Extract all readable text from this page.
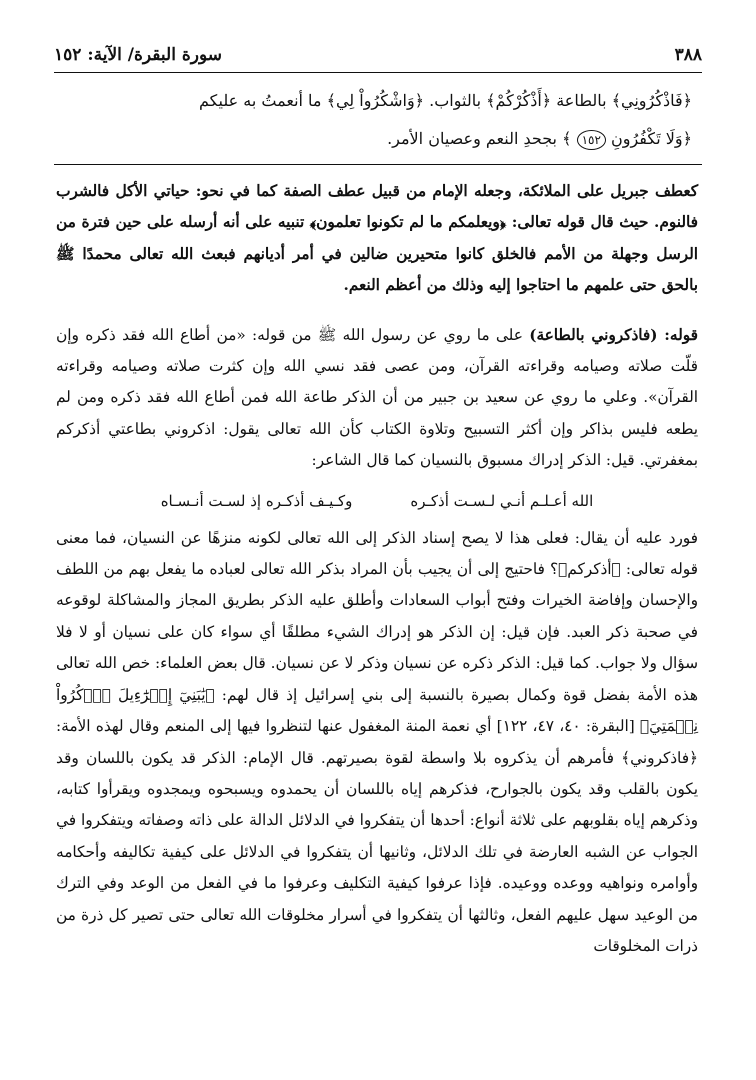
٣٨٨
سورة البقرة/ الآية: ١٥٢
﴿فَاذْكُرُونِي﴾ بالطاعة ﴿أَذْكُرْكُمْ﴾ بالثواب. ﴿وَاشْكُرُواْ لِي﴾ ما أنعمتُ به عليكم
﴿وَلَا تَكْفُرُونِ ١٥٢ ﴾ بجحدِ النعم وعصيان الأمر.

كعطف جبريل على الملائكة، وجعله الإمام من قبيل عطف الصفة كما في نحو: حياتي الأكل فالشرب فالنوم. حيث قال قوله تعالى: ﴿ويعلمكم ما لم تكونوا تعلمون﴾ تنبيه على أنه أرسله على حين فترة من الرسل وجهلة من الأمم فالخلق كانوا متحيرين ضالين في أمر أديانهم فبعث الله تعالى محمدًا ﷺ بالحق حتى علمهم ما احتاجوا إليه وذلك من أعظم النعم.

قوله: (فاذكروني بالطاعة) على ما روي عن رسول الله ﷺ من قوله: «من أطاع الله فقد ذكره وإن قلّت صلاته وصيامه وقراءته القرآن، ومن عصى فقد نسي الله وإن كثرت صلاته وصيامه وقراءته القرآن». وعلي ما روي عن سعيد بن جبير من أن الذكر طاعة الله فمن أطاع الله فقد ذكره ومن لم يطعه فليس بذاكر وإن أكثر التسبيح وتلاوة الكتاب كأن الله تعالى يقول: اذكروني بطاعتي أذكركم بمغفرتي. قيل: الذكر إدراك مسبوق بالنسيان كما قال الشاعر:

الله أعـلـم أنـي لـسـت أذكـره
وكـيـف أذكـره إذ لسـت أنـسـاه

فورد عليه أن يقال: فعلى هذا لا يصح إسناد الذكر إلى الله تعالى لكونه منزهًا عن النسيان، فما معنى قوله تعالى: ﴿أذكركم﴾؟ فاحتيج إلى أن يجيب بأن المراد بذكر الله تعالى لعباده ما يفعل بهم من اللطف والإحسان وإفاضة الخيرات وفتح أبواب السعادات وأطلق عليه الذكر بطريق المجاز والمشاكلة لوقوعه في صحبة ذكر العبد. فإن قيل: إن الذكر هو إدراك الشيء مطلقًا أي سواء كان على نسيان أو لا فلا سؤال ولا جواب. كما قيل: الذكر ذكره عن نسيان وذكر لا عن نسيان. قال بعض العلماء: خص الله تعالى هذه الأمة بفضل قوة وكمال بصيرة بالنسبة إلى بني إسرائيل إذ قال لهم: ﴿يَٰبَنِيٓ إِسۡرَٰٓءِيلَ ٱذۡكُرُواْ نِعۡمَتِيَ﴾ [البقرة: ٤٠، ٤٧، ١٢٢] أي نعمة المنة المغفول عنها لتنظروا فيها إلى المنعم وقال لهذه الأمة: ﴿فاذكروني﴾ فأمرهم أن يذكروه بلا واسطة لقوة بصيرتهم. قال الإمام: الذكر قد يكون باللسان وقد يكون بالقلب وقد يكون بالجوارح، فذكرهم إياه باللسان أن يحمدوه ويسبحوه ويمجدوه ويقرأوا كتابه، وذكرهم إياه بقلوبهم على ثلاثة أنواع: أحدها أن يتفكروا في الدلائل الدالة على ذاته وصفاته ويتفكروا في الجواب عن الشبه العارضة في تلك الدلائل، وثانيها أن يتفكروا في الدلائل على كيفية تكاليفه وأحكامه وأوامره ونواهيه ووعده ووعيده. فإذا عرفوا كيفية التكليف وعرفوا ما في الفعل من الوعد وفي الترك من الوعيد سهل عليهم الفعل، وثالثها أن يتفكروا في أسرار مخلوقات الله تعالى حتى تصير كل ذرة من ذرات المخلوقات
